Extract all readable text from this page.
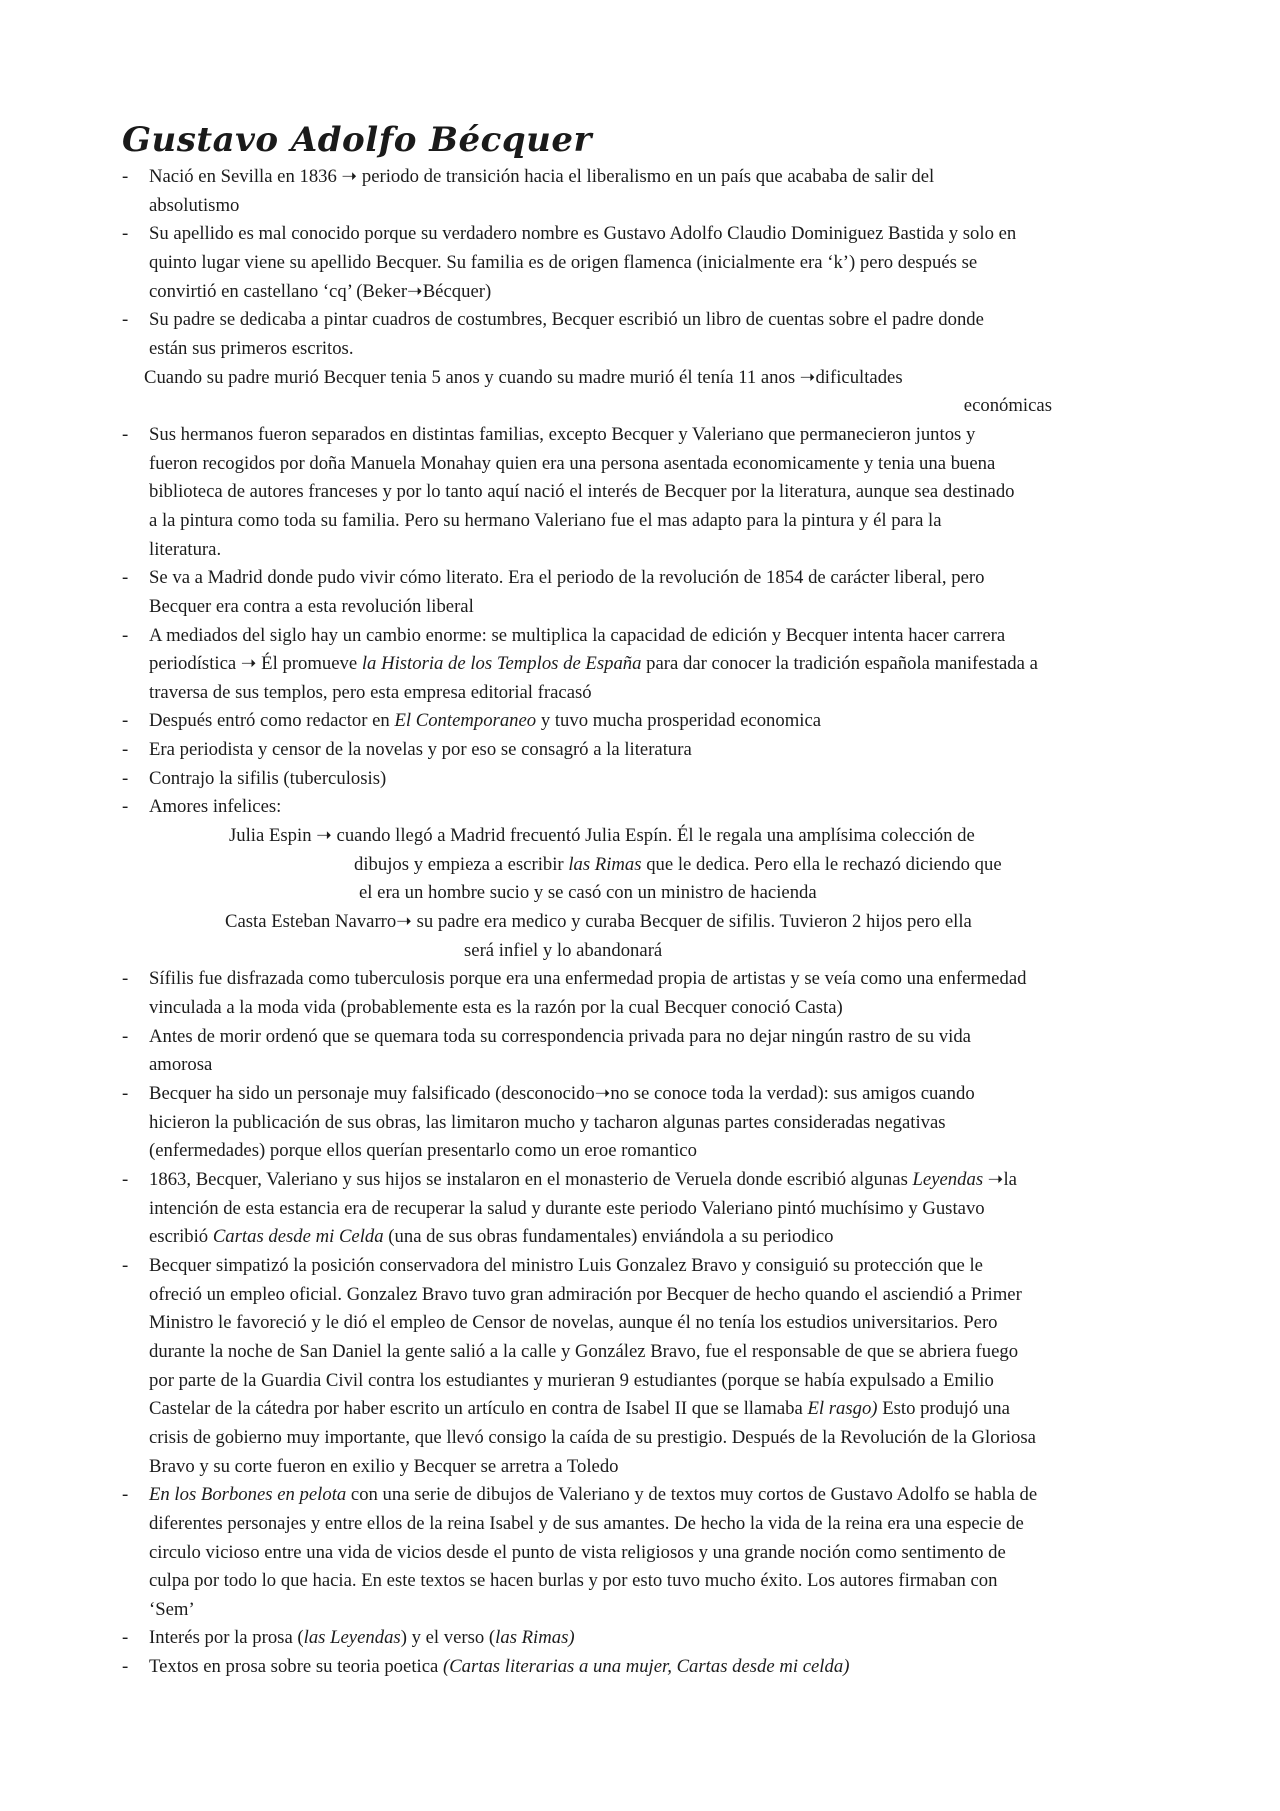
Gustavo Adolfo Bécquer
-	Nació en Sevilla en 1836 ➝ periodo de transición hacia el liberalismo en un país que acababa de salir del
absolutismo
-	Su apellido es mal conocido porque su verdadero nombre es Gustavo Adolfo Claudio Dominiguez Bastida y solo en
quinto lugar viene su apellido Becquer. Su familia es de origen flamenca (inicialmente era ‘k’) pero después se
convirtió en castellano ‘cq’ (Beker➝Bécquer)
-	Su padre se dedicaba a pintar cuadros de costumbres, Becquer escribió un libro de cuentas sobre el padre donde
están sus primeros escritos.
Cuando su padre murió Becquer tenia 5 anos y cuando su madre murió él tenía 11 anos ➝dificultades
económicas
-	Sus hermanos fueron separados en distintas familias, excepto Becquer y Valeriano que permanecieron juntos y
fueron recogidos por doña Manuela Monahay quien era una persona asentada economicamente y tenia una buena
biblioteca de autores franceses y por lo tanto aquí nació el interés de Becquer por la literatura, aunque sea destinado
a la pintura como toda su familia. Pero su hermano Valeriano fue el mas adapto para la pintura y él para la
literatura.
-	Se va a Madrid donde pudo vivir cómo literato. Era el periodo de la revolución de 1854 de carácter liberal, pero
Becquer era contra a esta revolución liberal
-	A mediados del siglo hay un cambio enorme: se multiplica la capacidad de edición y Becquer intenta hacer carrera
periodística ➝ Él promueve la Historia de los Templos de España para dar conocer la tradición española manifestada a
traversa de sus templos, pero esta empresa editorial fracasó
-	Después entró como redactor en El Contemporaneo y tuvo mucha prosperidad economica
-	Era periodista y censor de la novelas y por eso se consagró a la literatura
-	Contrajo la sifilis (tuberculosis)
-	Amores infelices:
Julia Espin ➝ cuando llegó a Madrid frecuentó Julia Espín. Él le regala una amplísima colección de
dibujos y empieza a escribir las Rimas que le dedica. Pero ella le rechazó diciendo que
el era un hombre sucio y se casó con un ministro de hacienda
Casta Esteban Navarro➝ su padre era medico y curaba Becquer de sifilis. Tuvieron 2 hijos pero ella
será infiel y lo abandonará
-	Sífilis fue disfrazada como tuberculosis porque era una enfermedad propia de artistas y se veía como una enfermedad
vinculada a la moda vida (probablemente esta es la razón por la cual Becquer conoció Casta)
-	Antes de morir ordenó que se quemara toda su correspondencia privada para no dejar ningún rastro de su vida
amorosa
-	Becquer ha sido un personaje muy falsificado (desconocido➝no se conoce toda la verdad): sus amigos cuando
hicieron la publicación de sus obras, las limitaron mucho y tacharon algunas partes consideradas negativas
(enfermedades) porque ellos querían presentarlo como un eroe romantico
-	1863, Becquer, Valeriano y sus hijos se instalaron en el monasterio de Veruela donde escribió algunas Leyendas ➝la
intención de esta estancia era de recuperar la salud y durante este periodo Valeriano pintó muchísimo y Gustavo
escribió Cartas desde mi Celda (una de sus obras fundamentales) enviándola a su periodico
-	Becquer simpatizó la posición conservadora del ministro Luis Gonzalez Bravo y consiguió su protección que le
ofreció un empleo oficial. Gonzalez Bravo tuvo gran admiración por Becquer de hecho quando el asciendió a Primer
Ministro le favoreció y le dió el empleo de Censor de novelas, aunque él no tenía los estudios universitarios. Pero
durante la noche de San Daniel la gente salió a la calle y González Bravo, fue el responsable de que se abriera fuego
por parte de la Guardia Civil contra los estudiantes y murieran 9 estudiantes (porque se había expulsado a Emilio
Castelar de la cátedra por haber escrito un artículo en contra de Isabel II que se llamaba El rasgo) Esto produjó una
crisis de gobierno muy importante, que llevó consigo la caída de su prestigio. Después de la Revolución de la Gloriosa
Bravo y su corte fueron en exilio y Becquer se arretra a Toledo
-	En los Borbones en pelota con una serie de dibujos de Valeriano y de textos muy cortos de Gustavo Adolfo se habla de
diferentes personajes y entre ellos de la reina Isabel y de sus amantes. De hecho la vida de la reina era una especie de
circulo vicioso entre una vida de vicios desde el punto de vista religiosos y una grande noción como sentimento de
culpa por todo lo que hacia. En este textos se hacen burlas y por esto tuvo mucho éxito. Los autores firmaban con
‘Sem’
-	Interés por la prosa (las Leyendas) y el verso (las Rimas)
-	Textos en prosa sobre su teoria poetica (Cartas literarias a una mujer, Cartas desde mi celda)
